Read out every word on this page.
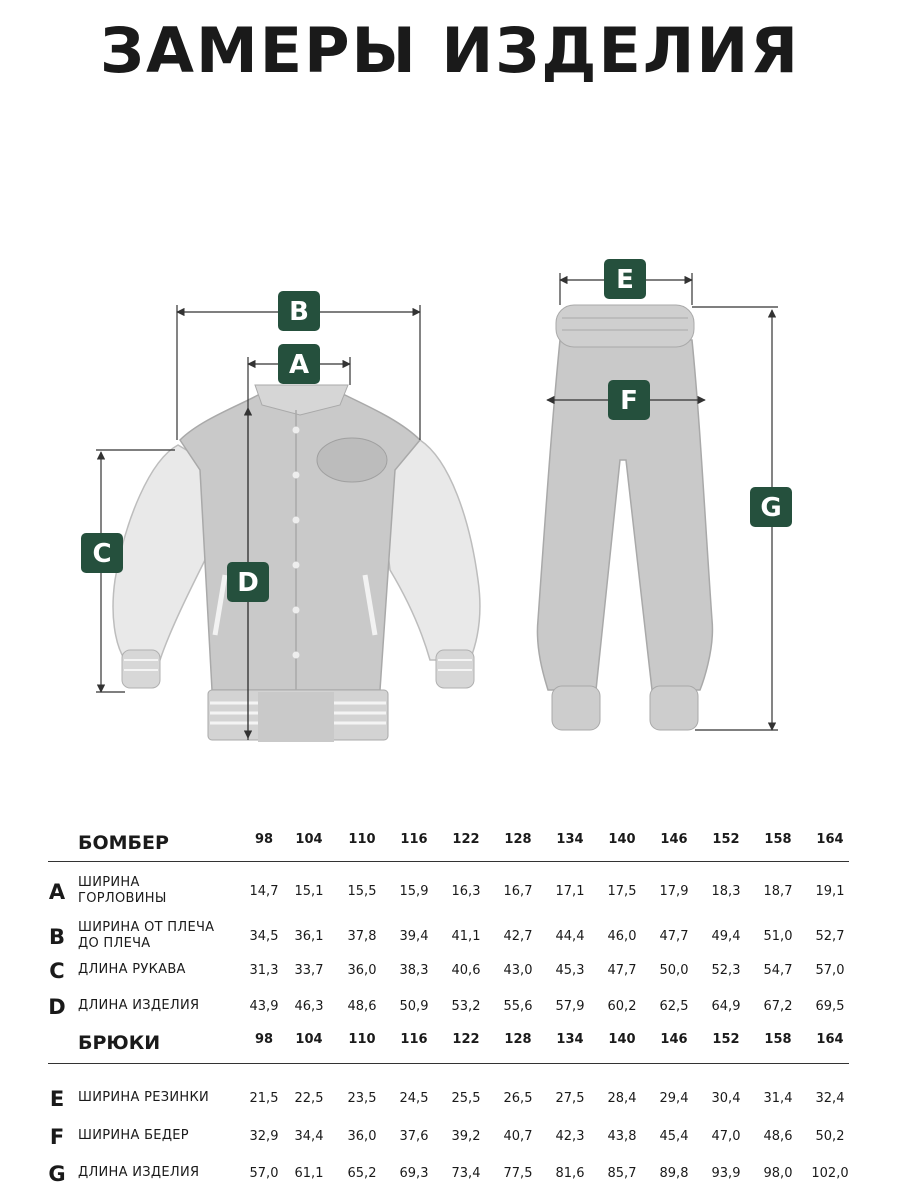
ЗАМЕРЫ ИЗДЕЛИЯ
B
A
C
D
E
F
G
БОМБЕР	98	104	110	116	122	128	134	140	146	152	158	164
A ШИРИНА
ГОРЛОВИНЫ	14,7	15,1	15,5	15,9	16,3	16,7	17,1	17,5	17,9	18,3	18,7	19,1
B ШИРИНА ОТ ПЛЕЧА
ДО ПЛЕЧА	34,5	36,1	37,8	39,4	41,1	42,7	44,4	46,0	47,7	49,4	51,0	52,7
C ДЛИНА РУКАВА	31,3	33,7	36,0	38,3	40,6	43,0	45,3	47,7	50,0	52,3	54,7	57,0
D ДЛИНА ИЗДЕЛИЯ	43,9	46,3	48,6	50,9	53,2	55,6	57,9	60,2	62,5	64,9	67,2	69,5
БРЮКИ	98	104	110	116	122	128	134	140	146	152	158	164
E ШИРИНА РЕЗИНКИ	21,5	22,5	23,5	24,5	25,5	26,5	27,5	28,4	29,4	30,4	31,4	32,4
F ШИРИНА БЕДЕР	32,9	34,4	36,0	37,6	39,2	40,7	42,3	43,8	45,4	47,0	48,6	50,2
G ДЛИНА ИЗДЕЛИЯ	57,0	61,1	65,2	69,3	73,4	77,5	81,6	85,7	89,8	93,9	98,0	102,0
